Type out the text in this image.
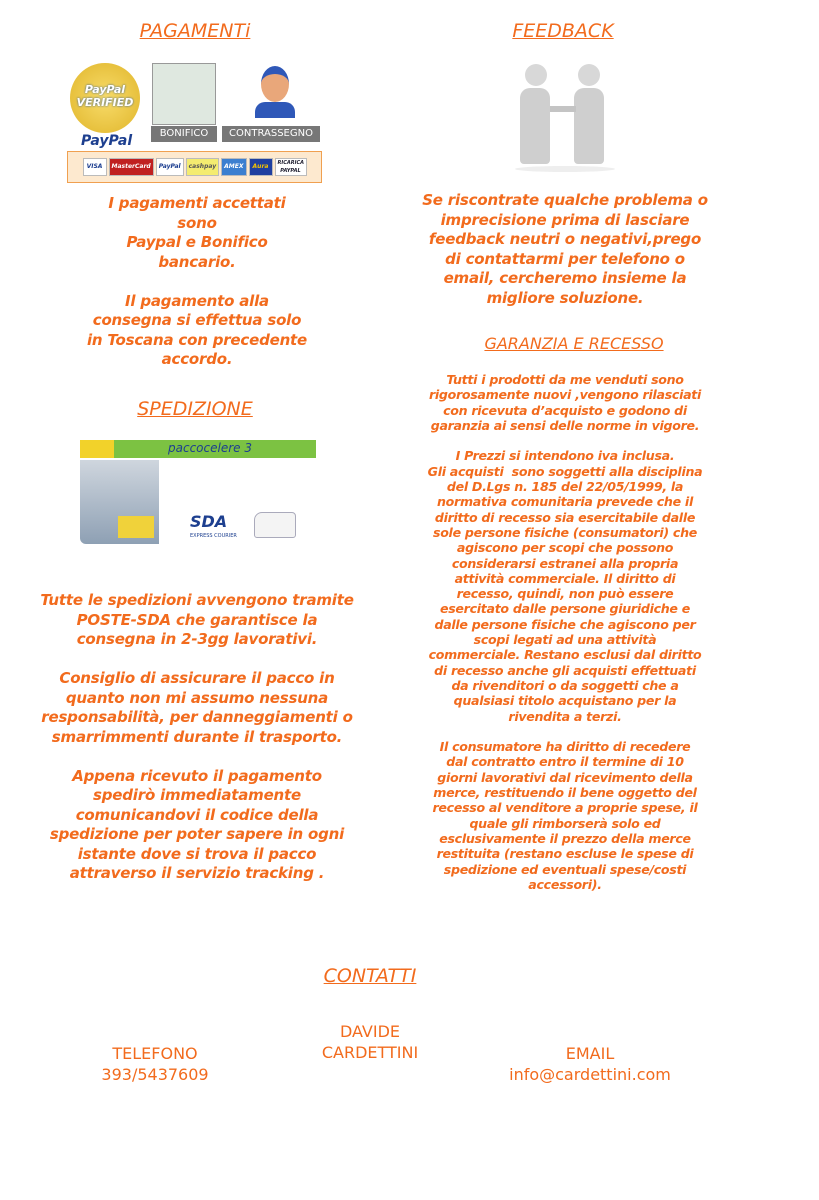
PAGAMENTi
PayPal VERIFIED
BONIFICO	CONTRASSEGNO
PayPal
VISA MasterCard PayPal cashpay AMEX Aura RICARICA PAYPAL
I pagamenti accettati
sono
Paypal e Bonifico
bancario.

Il pagamento alla
consegna si effettua solo
in Toscana con precedente
accordo.
SPEDIZIONE
paccocelere 3
SDA
EXPRESS COURIER
Tutte le spedizioni avvengono tramite
POSTE-SDA che garantisce la
consegna in 2-3gg lavorativi.

Consiglio di assicurare il pacco in
quanto non mi assumo nessuna
responsabilità, per danneggiamenti o
smarrimmenti durante il trasporto.

Appena ricevuto il pagamento
spedirò immediatamente
comunicandovi il codice della
spedizione per poter sapere in ogni
istante dove si trova il pacco
attraverso il servizio tracking .
FEEDBACK
Se riscontrate qualche problema o
imprecisione prima di lasciare
feedback neutri o negativi,prego
di contattarmi per telefono o
email, cercheremo insieme la
migliore soluzione.
GARANZIA E RECESSO
Tutti i prodotti da me venduti sono
rigorosamente nuovi ,vengono rilasciati
con ricevuta d’acquisto e godono di
garanzia ai sensi delle norme in vigore.

I Prezzi si intendono iva inclusa.
Gli acquisti  sono soggetti alla disciplina
del D.Lgs n. 185 del 22/05/1999, la
normativa comunitaria prevede che il
diritto di recesso sia esercitabile dalle
sole persone fisiche (consumatori) che
agiscono per scopi che possono
considerarsi estranei alla propria
attività commerciale. Il diritto di
recesso, quindi, non può essere
esercitato dalle persone giuridiche e
dalle persone fisiche che agiscono per
scopi legati ad una attività
commerciale. Restano esclusi dal diritto
di recesso anche gli acquisti effettuati
da rivenditori o da soggetti che a
qualsiasi titolo acquistano per la
rivendita a terzi.

Il consumatore ha diritto di recedere
dal contratto entro il termine di 10
giorni lavorativi dal ricevimento della
merce, restituendo il bene oggetto del
recesso al venditore a proprie spese, il
quale gli rimborserà solo ed
esclusivamente il prezzo della merce
restituita (restano escluse le spese di
spedizione ed eventuali spese/costi
accessori).
CONTATTI
DAVIDE
CARDETTINI
TELEFONO
393/5437609
EMAIL
info@cardettini.com
